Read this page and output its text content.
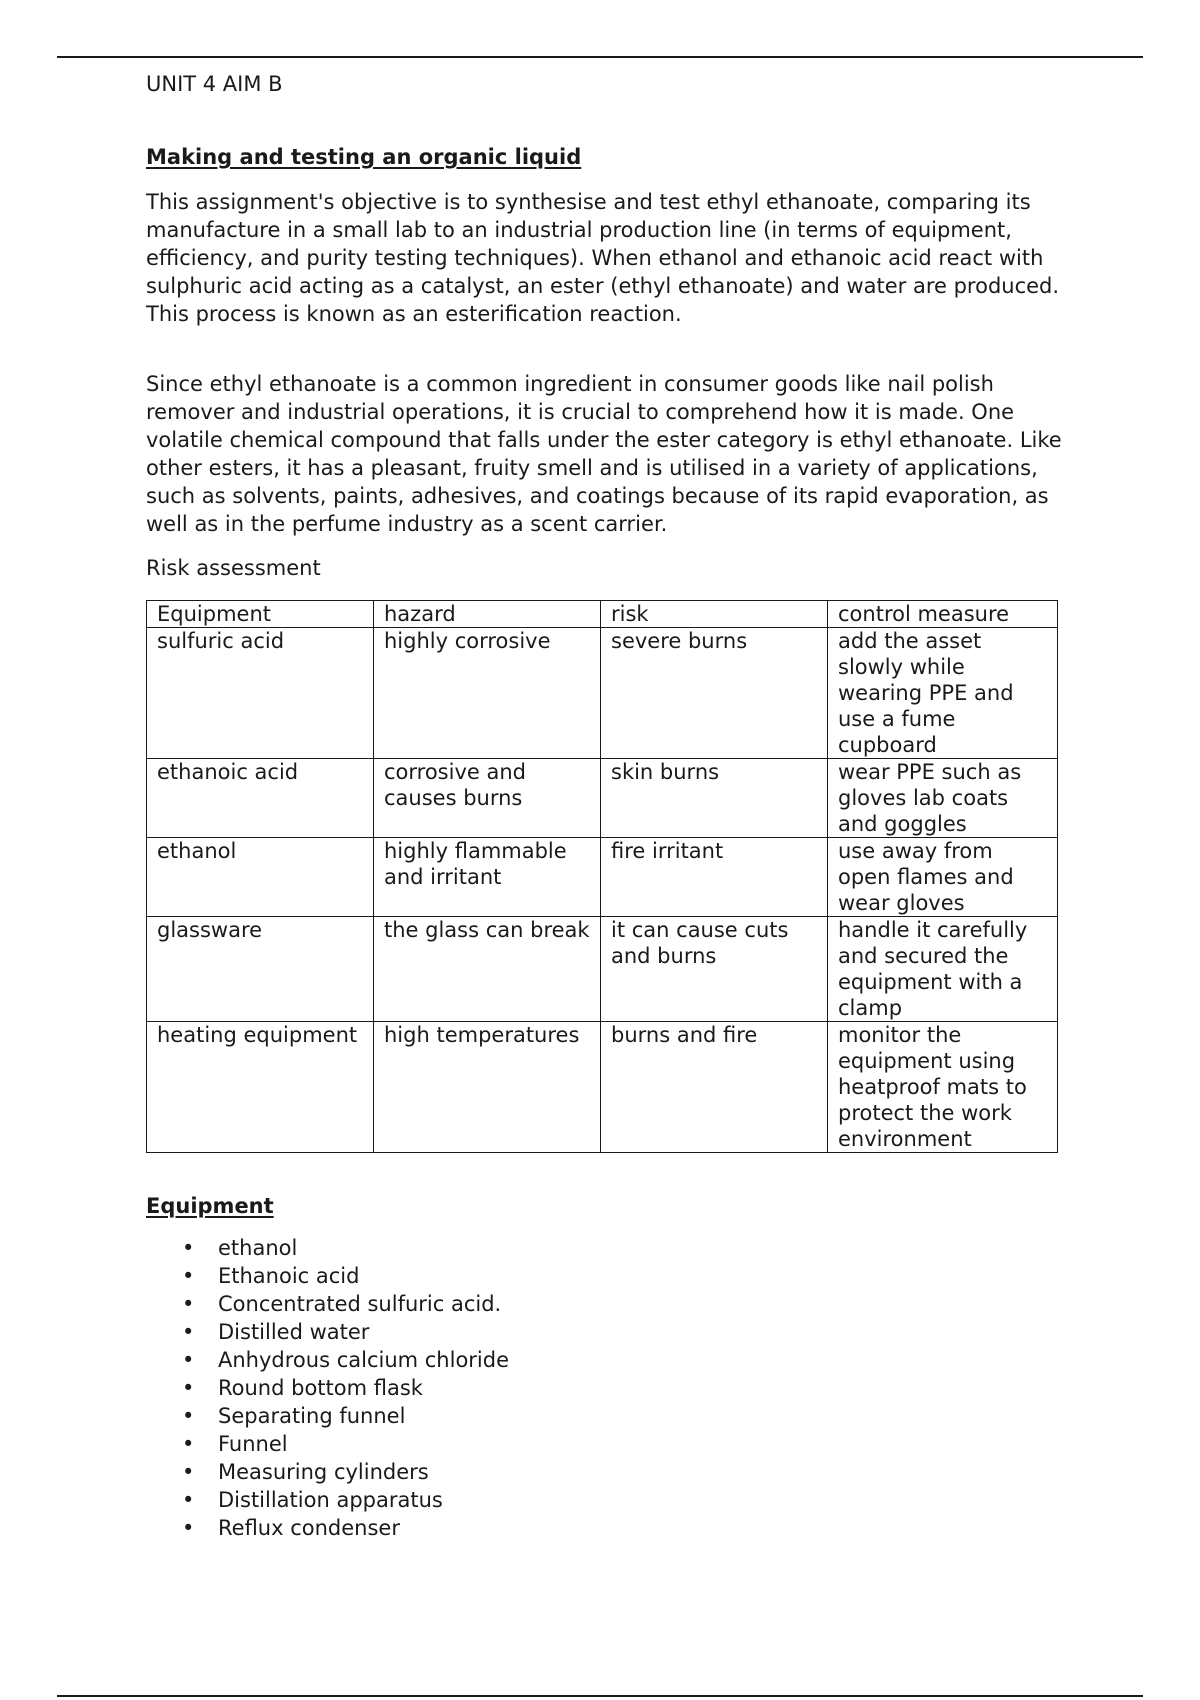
UNIT 4 AIM B

Making and testing an organic liquid

This assignment's objective is to synthesise and test ethyl ethanoate, comparing its manufacture in a small lab to an industrial production line (in terms of equipment, efficiency, and purity testing techniques). When ethanol and ethanoic acid react with sulphuric acid acting as a catalyst, an ester (ethyl ethanoate) and water are produced. This process is known as an esterification reaction.

Since ethyl ethanoate is a common ingredient in consumer goods like nail polish remover and industrial operations, it is crucial to comprehend how it is made. One volatile chemical compound that falls under the ester category is ethyl ethanoate. Like other esters, it has a pleasant, fruity smell and is utilised in a variety of applications, such as solvents, paints, adhesives, and coatings because of its rapid evaporation, as well as in the perfume industry as a scent carrier.

Risk assessment

Equipment	hazard	risk	control measure
sulfuric acid	highly corrosive	severe burns	add the asset slowly while wearing PPE and use a fume cupboard
ethanoic acid	corrosive and causes burns	skin burns	wear PPE such as gloves lab coats and goggles
ethanol	highly flammable and irritant	fire irritant	use away from open flames and wear gloves
glassware	the glass can break	it can cause cuts and burns	handle it carefully and secured the equipment with a clamp
heating equipment	high temperatures	burns and fire	monitor the equipment using heatproof mats to protect the work environment
Equipment
• ethanol
• Ethanoic acid
• Concentrated sulfuric acid.
• Distilled water
• Anhydrous calcium chloride
• Round bottom flask
• Separating funnel
• Funnel
• Measuring cylinders
• Distillation apparatus
• Reflux condenser
